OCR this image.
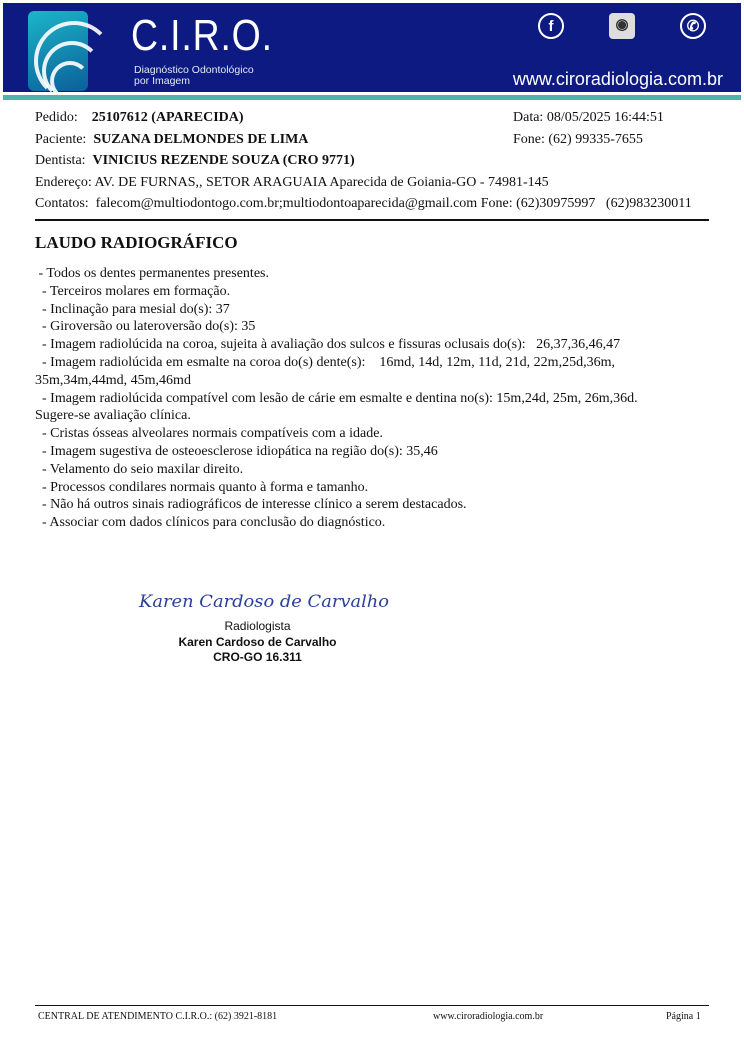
C.I.R.O.
Diagnóstico Odontológico
por Imagem
f	◉	✆
www.ciroradiologia.com.br
Pedido: 25107612 (APARECIDA)	Data: 08/05/2025 16:44:51
Paciente: SUZANA DELMONDES DE LIMA	Fone: (62) 99335-7655
Dentista: VINICIUS REZENDE SOUZA (CRO 9771)
Endereço: AV. DE FURNAS,, SETOR ARAGUAIA Aparecida de Goiania-GO - 74981-145
Contatos:  falecom@multiodontogo.com.br;multiodontoaparecida@gmail.com Fone: (62)30975997   (62)983230011
LAUDO RADIOGRÁFICO
- Todos os dentes permanentes presentes.
- Terceiros molares em formação.
- Inclinação para mesial do(s): 37
- Giroversão ou lateroversão do(s): 35
- Imagem radiolúcida na coroa, sujeita à avaliação dos sulcos e fissuras oclusais do(s):   26,37,36,46,47
- Imagem radiolúcida em esmalte na coroa do(s) dente(s):    16md, 14d, 12m, 11d, 21d, 22m,25d,36m,
35m,34m,44md, 45m,46md
- Imagem radiolúcida compatível com lesão de cárie em esmalte e dentina no(s): 15m,24d, 25m, 26m,36d.
Sugere-se avaliação clínica.
- Cristas ósseas alveolares normais compatíveis com a idade.
- Imagem sugestiva de osteoesclerose idiopática na região do(s): 35,46
- Velamento do seio maxilar direito.
- Processos condilares normais quanto à forma e tamanho.
- Não há outros sinais radiográficos de interesse clínico a serem destacados.
- Associar com dados clínicos para conclusão do diagnóstico.
Karen Cardoso de Carvalho
Radiologista
Karen Cardoso de Carvalho
CRO-GO 16.311
CENTRAL DE ATENDIMENTO C.I.R.O.: (62) 3921-8181	www.ciroradiologia.com.br	Página 1
